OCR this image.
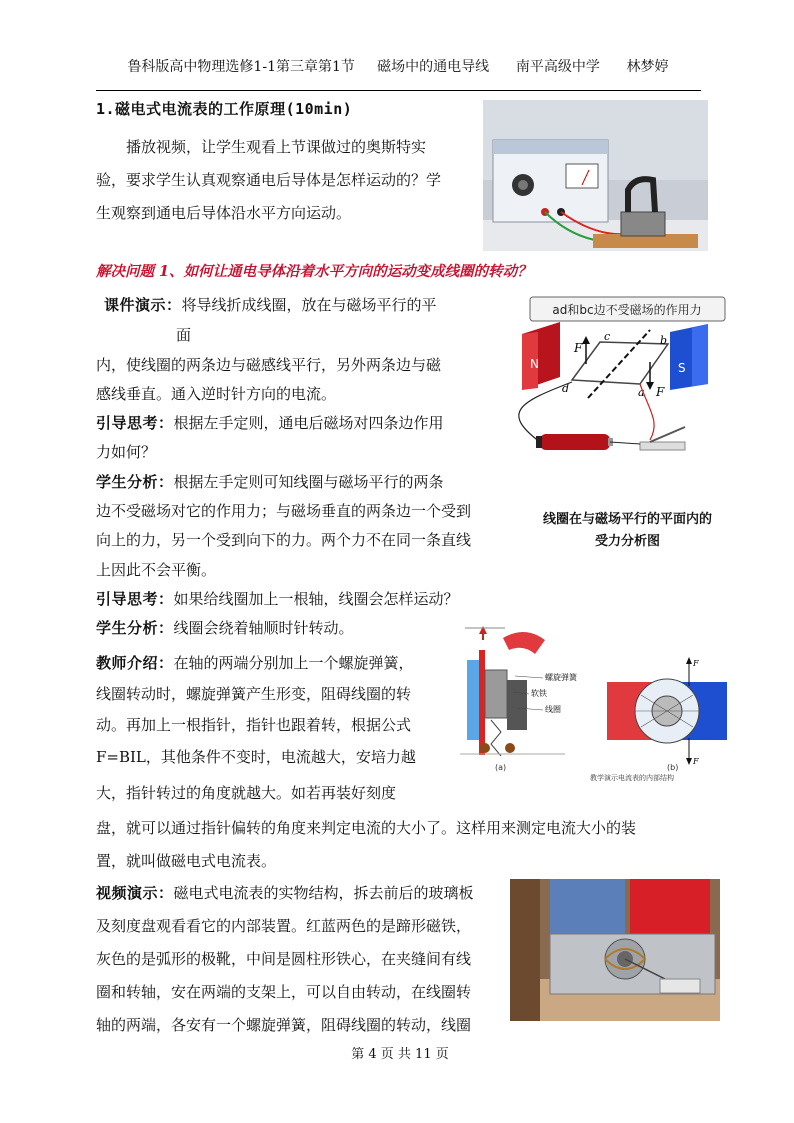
鲁科版高中物理选修1-1第三章第1节     磁场中的通电导线      南平高级中学      林梦婷
1.磁电式电流表的工作原理(10min)
播放视频，让学生观看上节课做过的奥斯特实
验，要求学生认真观察通电后导体是怎样运动的？学
生观察到通电后导体沿水平方向运动。
解决问题 1、如何让通电导体沿着水平方向的运动变成线圈的转动？
课件演示：将导线折成线圈，放在与磁场平行的平
面
内，使线圈的两条边与磁感线平行，另外两条边与磁
感线垂直。通入逆时针方向的电流。
引导思考：根据左手定则，通电后磁场对四条边作用
力如何？
学生分析：根据左手定则可知线圈与磁场平行的两条
边不受磁场对它的作用力；与磁场垂直的两条边一个受到
向上的力，另一个受到向下的力。两个力不在同一条直线
上因此不会平衡。
引导思考：如果给线圈加上一根轴，线圈会怎样运动？
学生分析：线圈会绕着轴顺时针转动。
教师介绍：在轴的两端分别加上一个螺旋弹簧，
线圈转动时，螺旋弹簧产生形变，阻碍线圈的转
动。再加上一根指针，指针也跟着转，根据公式
F=BIL，其他条件不变时，电流越大，安培力越
大，指针转过的角度就越大。如若再装好刻度
盘，就可以通过指针偏转的角度来判定电流的大小了。这样用来测定电流大小的装
置，就叫做磁电式电流表。
视频演示：磁电式电流表的实物结构，拆去前后的玻璃板
及刻度盘观看看它的内部装置。红蓝两色的是蹄形磁铁，
灰色的是弧形的极靴，中间是圆柱形铁心，在夹缝间有线
圈和转轴，安在两端的支架上，可以自由转动，在线圈转
轴的两端，各安有一个螺旋弹簧，阻碍线圈的转动，线圈
ad和bc边不受磁场的作用力
N	S
F
F
a
b
c
d
线圈在与磁场平行的平面内的
受力分析图
软铁
螺旋弹簧
线圈
(a)
F
F
(b)
教学演示电流表的内部结构
第 4 页 共 11 页
